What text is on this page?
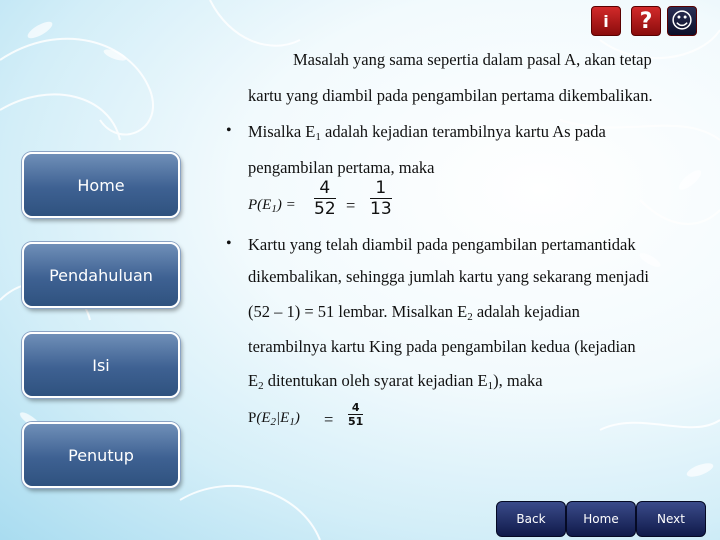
i ? ☺
Home
Pendahuluan
Isi
Penutup
Masalah yang sama sepertia dalam pasal A, akan tetap
kartu yang diambil pada pengambilan pertama dikembalikan.
• Misalka $E_1$ adalah kejadian terambilnya kartu As pada
pengambilan pertama, maka
$P(E_1)$ =
4
52 =
1
13
• Kartu yang telah diambil pada pengambilan pertamantidak
dikembalikan, sehingga jumlah kartu yang sekarang menjadi
(52 – 1) = 51 lembar. Misalkan $E_2$ adalah kejadian
terambilnya kartu King pada pengambilan kedua (kejadian
$E_2$ ditentukan oleh syarat kejadian $E_1$), maka
$P(E_2|E_1)$ =
4
51
Back	Home	Next
